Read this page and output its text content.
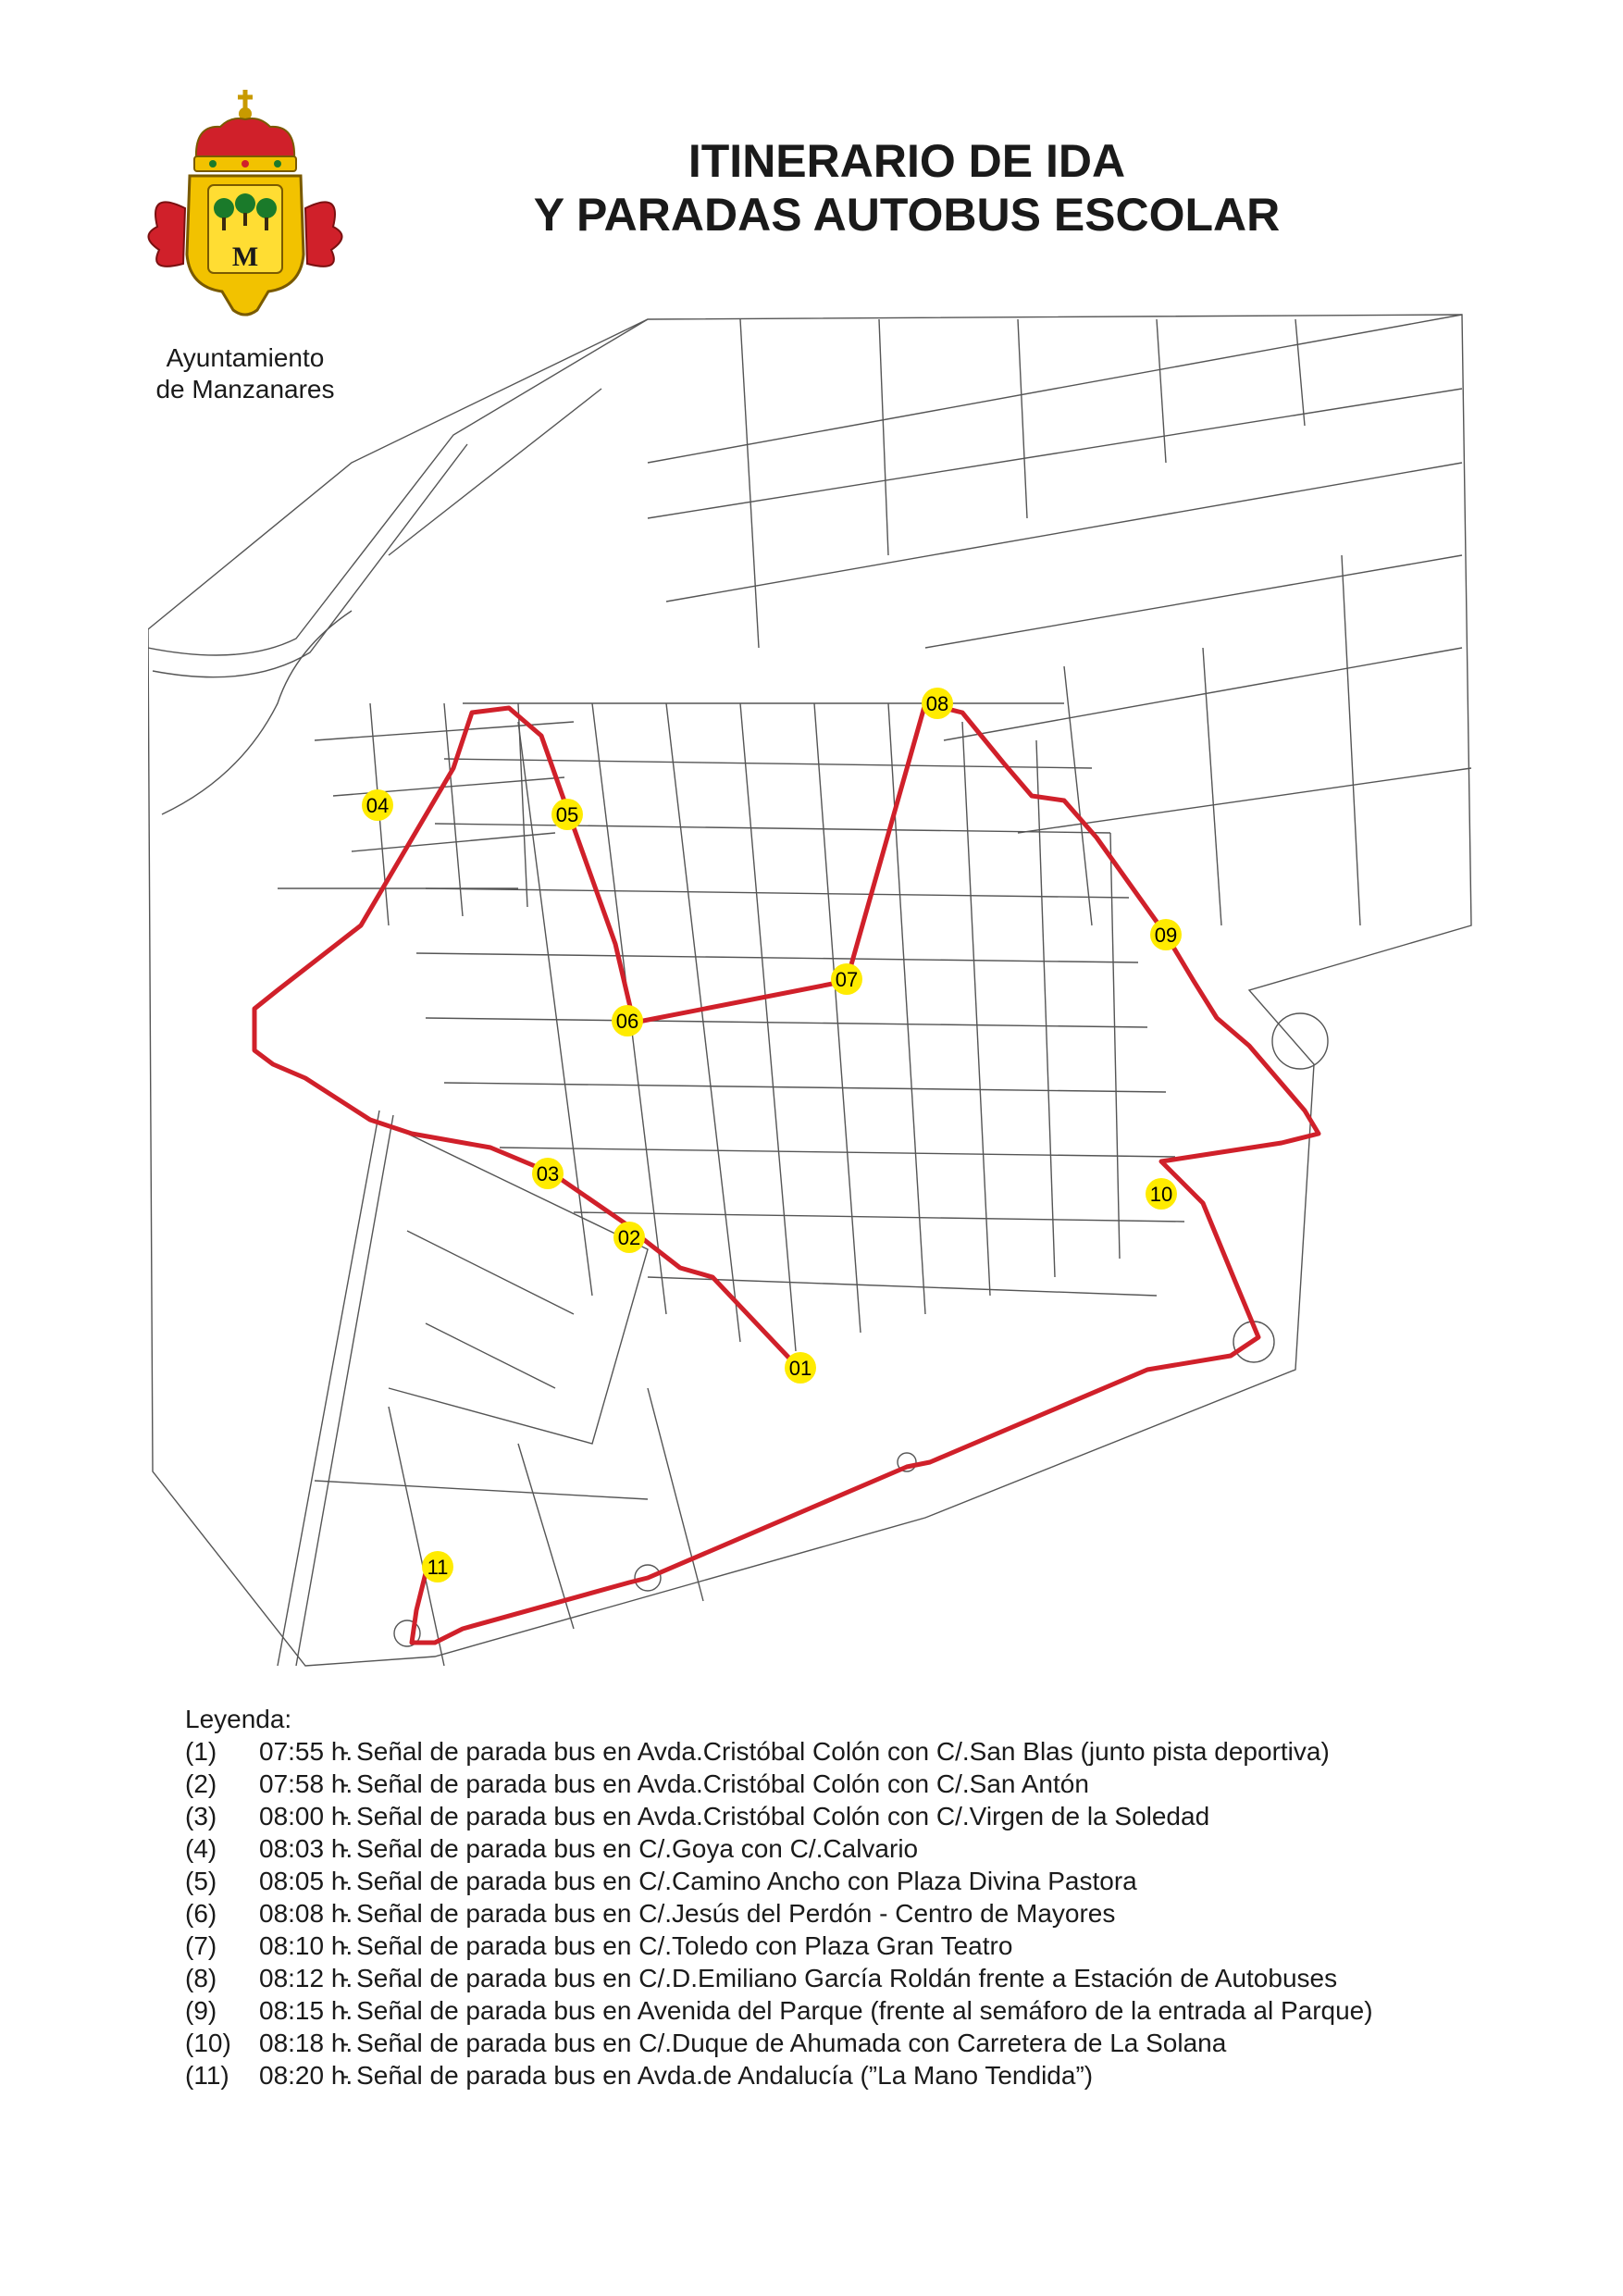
M
Ayuntamiento
de Manzanares
ITINERARIO DE IDA
Y PARADAS AUTOBUS ESCOLAR
01
02
03
04	05
06
07
08
09
10
11
Leyenda:
(1)	07:55 h.
- Señal de parada bus en Avda.Cristóbal Colón con C/.San Blas (junto pista deportiva)
(2)	07:58 h.
- Señal de parada bus en Avda.Cristóbal Colón con C/.San Antón
(3)	08:00 h.
- Señal de parada bus en Avda.Cristóbal Colón con C/.Virgen de la Soledad
(4)	08:03 h.
- Señal de parada bus en C/.Goya con C/.Calvario
(5)	08:05 h.
- Señal de parada bus en C/.Camino Ancho con Plaza Divina Pastora
(6)	08:08 h.
- Señal de parada bus en C/.Jesús del Perdón - Centro de Mayores
(7)	08:10 h.
- Señal de parada bus en C/.Toledo con Plaza Gran Teatro
(8)	08:12 h.
- Señal de parada bus en C/.D.Emiliano García Roldán frente a Estación de Autobuses
(9)	08:15 h.
- Señal de parada bus en Avenida del Parque (frente al semáforo de la entrada al Parque)
(10)	08:18 h.
- Señal de parada bus en C/.Duque de Ahumada con Carretera de La Solana
(11)	08:20 h.
- Señal de parada bus en Avda.de Andalucía (”La Mano Tendida”)
